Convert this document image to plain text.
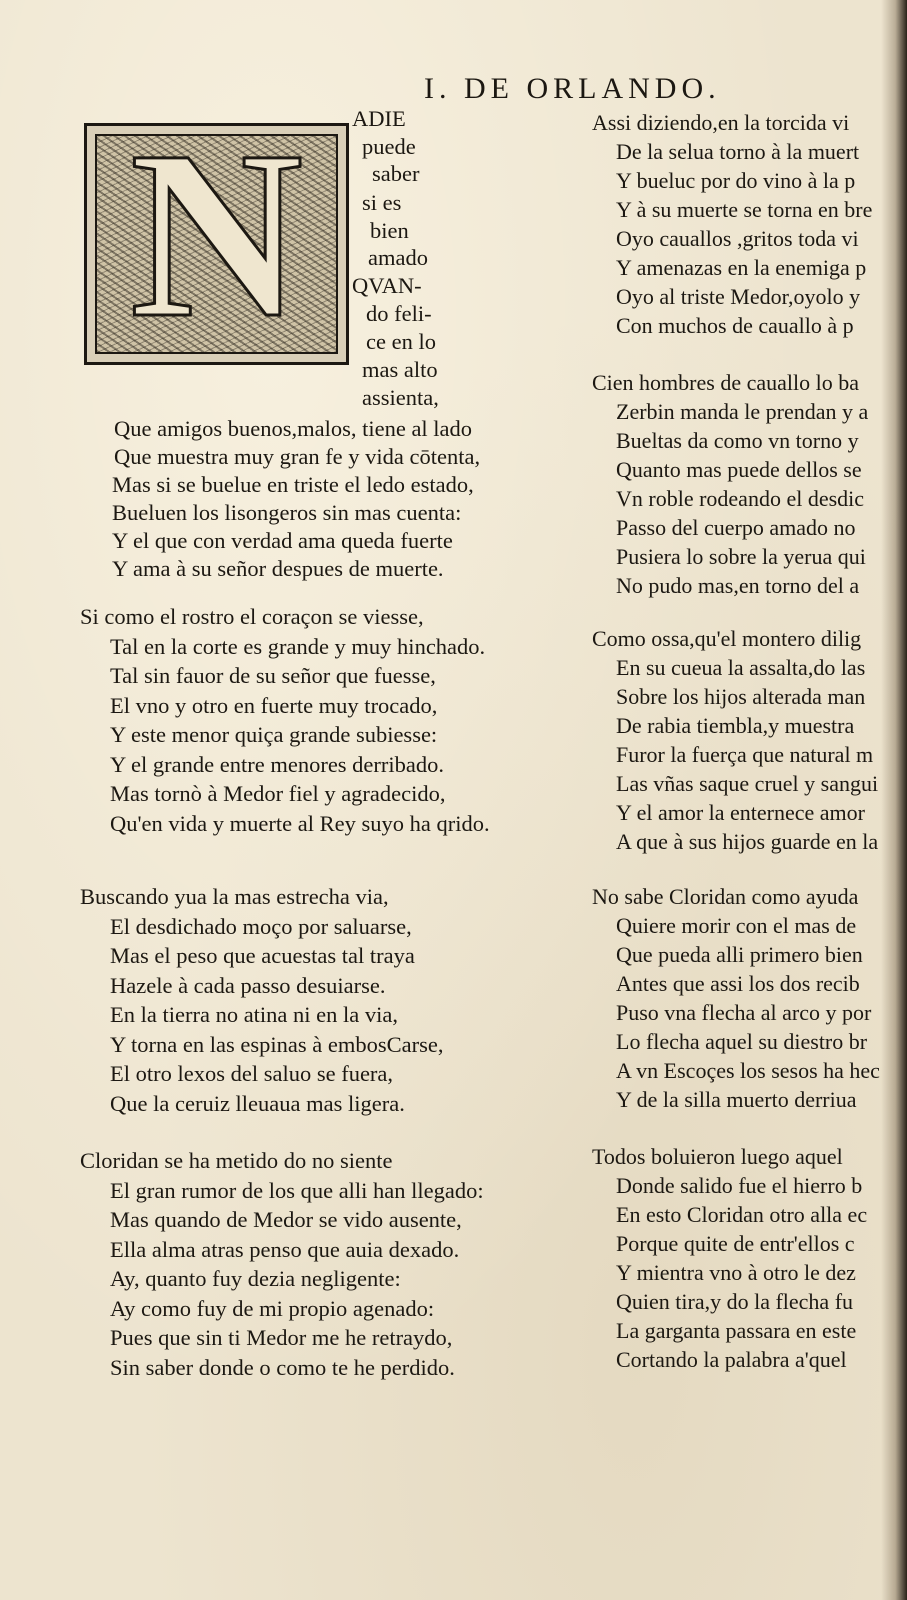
I. DE ORLANDO.
N	ADIE
puede
saber
si es
bien
amado
QVAN-
do feli-
ce en lo
mas alto
assienta,
Que amigos buenos,malos, tiene al lado
Que muestra muy gran fe y vida cōtenta,
Mas si se buelue en triste el ledo estado,
Bueluen los lisongeros sin mas cuenta:
Y el que con verdad ama queda fuerte
Y ama à su señor despues de muerte.
Si como el rostro el coraçon se viesse,
Tal en la corte es grande y muy hinchado.
Tal sin fauor de su señor que fuesse,
El vno y otro en fuerte muy trocado,
Y este menor quiça grande subiesse:
Y el grande entre menores derribado.
Mas tornò à Medor fiel y agradecido,
Qu'en vida y muerte al Rey suyo ha qrido.
Buscando yua la mas estrecha via,
El desdichado moço por saluarse,
Mas el peso que acuestas tal traya
Hazele à cada passo desuiarse.
En la tierra no atina ni en la via,
Y torna en las espinas à embosCarse,
El otro lexos del saluo se fuera,
Que la ceruiz lleuaua mas ligera.
Cloridan se ha metido do no siente
El gran rumor de los que alli han llegado:
Mas quando de Medor se vido ausente,
Ella alma atras penso que auia dexado.
Ay, quanto fuy dezia negligente:
Ay como fuy de mi propio agenado:
Pues que sin ti Medor me he retraydo,
Sin saber donde o como te he perdido.
Assi diziendo,en la torcida vi
De la selua torno à la muert
Y bueluc por do vino à la p
Y à su muerte se torna en bre
Oyo cauallos ,gritos toda vi
Y amenazas en la enemiga p
Oyo al triste Medor,oyolo y
Con muchos de cauallo à p
Cien hombres de cauallo lo ba
Zerbin manda le prendan y a
Bueltas da como vn torno y
Quanto mas puede dellos se
Vn roble rodeando el desdic
Passo del cuerpo amado no
Pusiera lo sobre la yerua qui
No pudo mas,en torno del a
Como ossa,qu'el montero dilig
En su cueua la assalta,do las
Sobre los hijos alterada man
De rabia tiembla,y muestra
Furor la fuerça que natural m
Las vñas saque cruel y sangui
Y el amor la enternece amor
A que à sus hijos guarde en la
No sabe Cloridan como ayuda
Quiere morir con el mas de
Que pueda alli primero bien
Antes que assi los dos recib
Puso vna flecha al arco y por
Lo flecha aquel su diestro br
A vn Escoçes los sesos ha hec
Y de la silla muerto derriua
Todos boluieron luego aquel
Donde salido fue el hierro b
En esto Cloridan otro alla ec
Porque quite de entr'ellos c
Y mientra vno à otro le dez
Quien tira,y do la flecha fu
La garganta passara en este
Cortando la palabra a'quel
